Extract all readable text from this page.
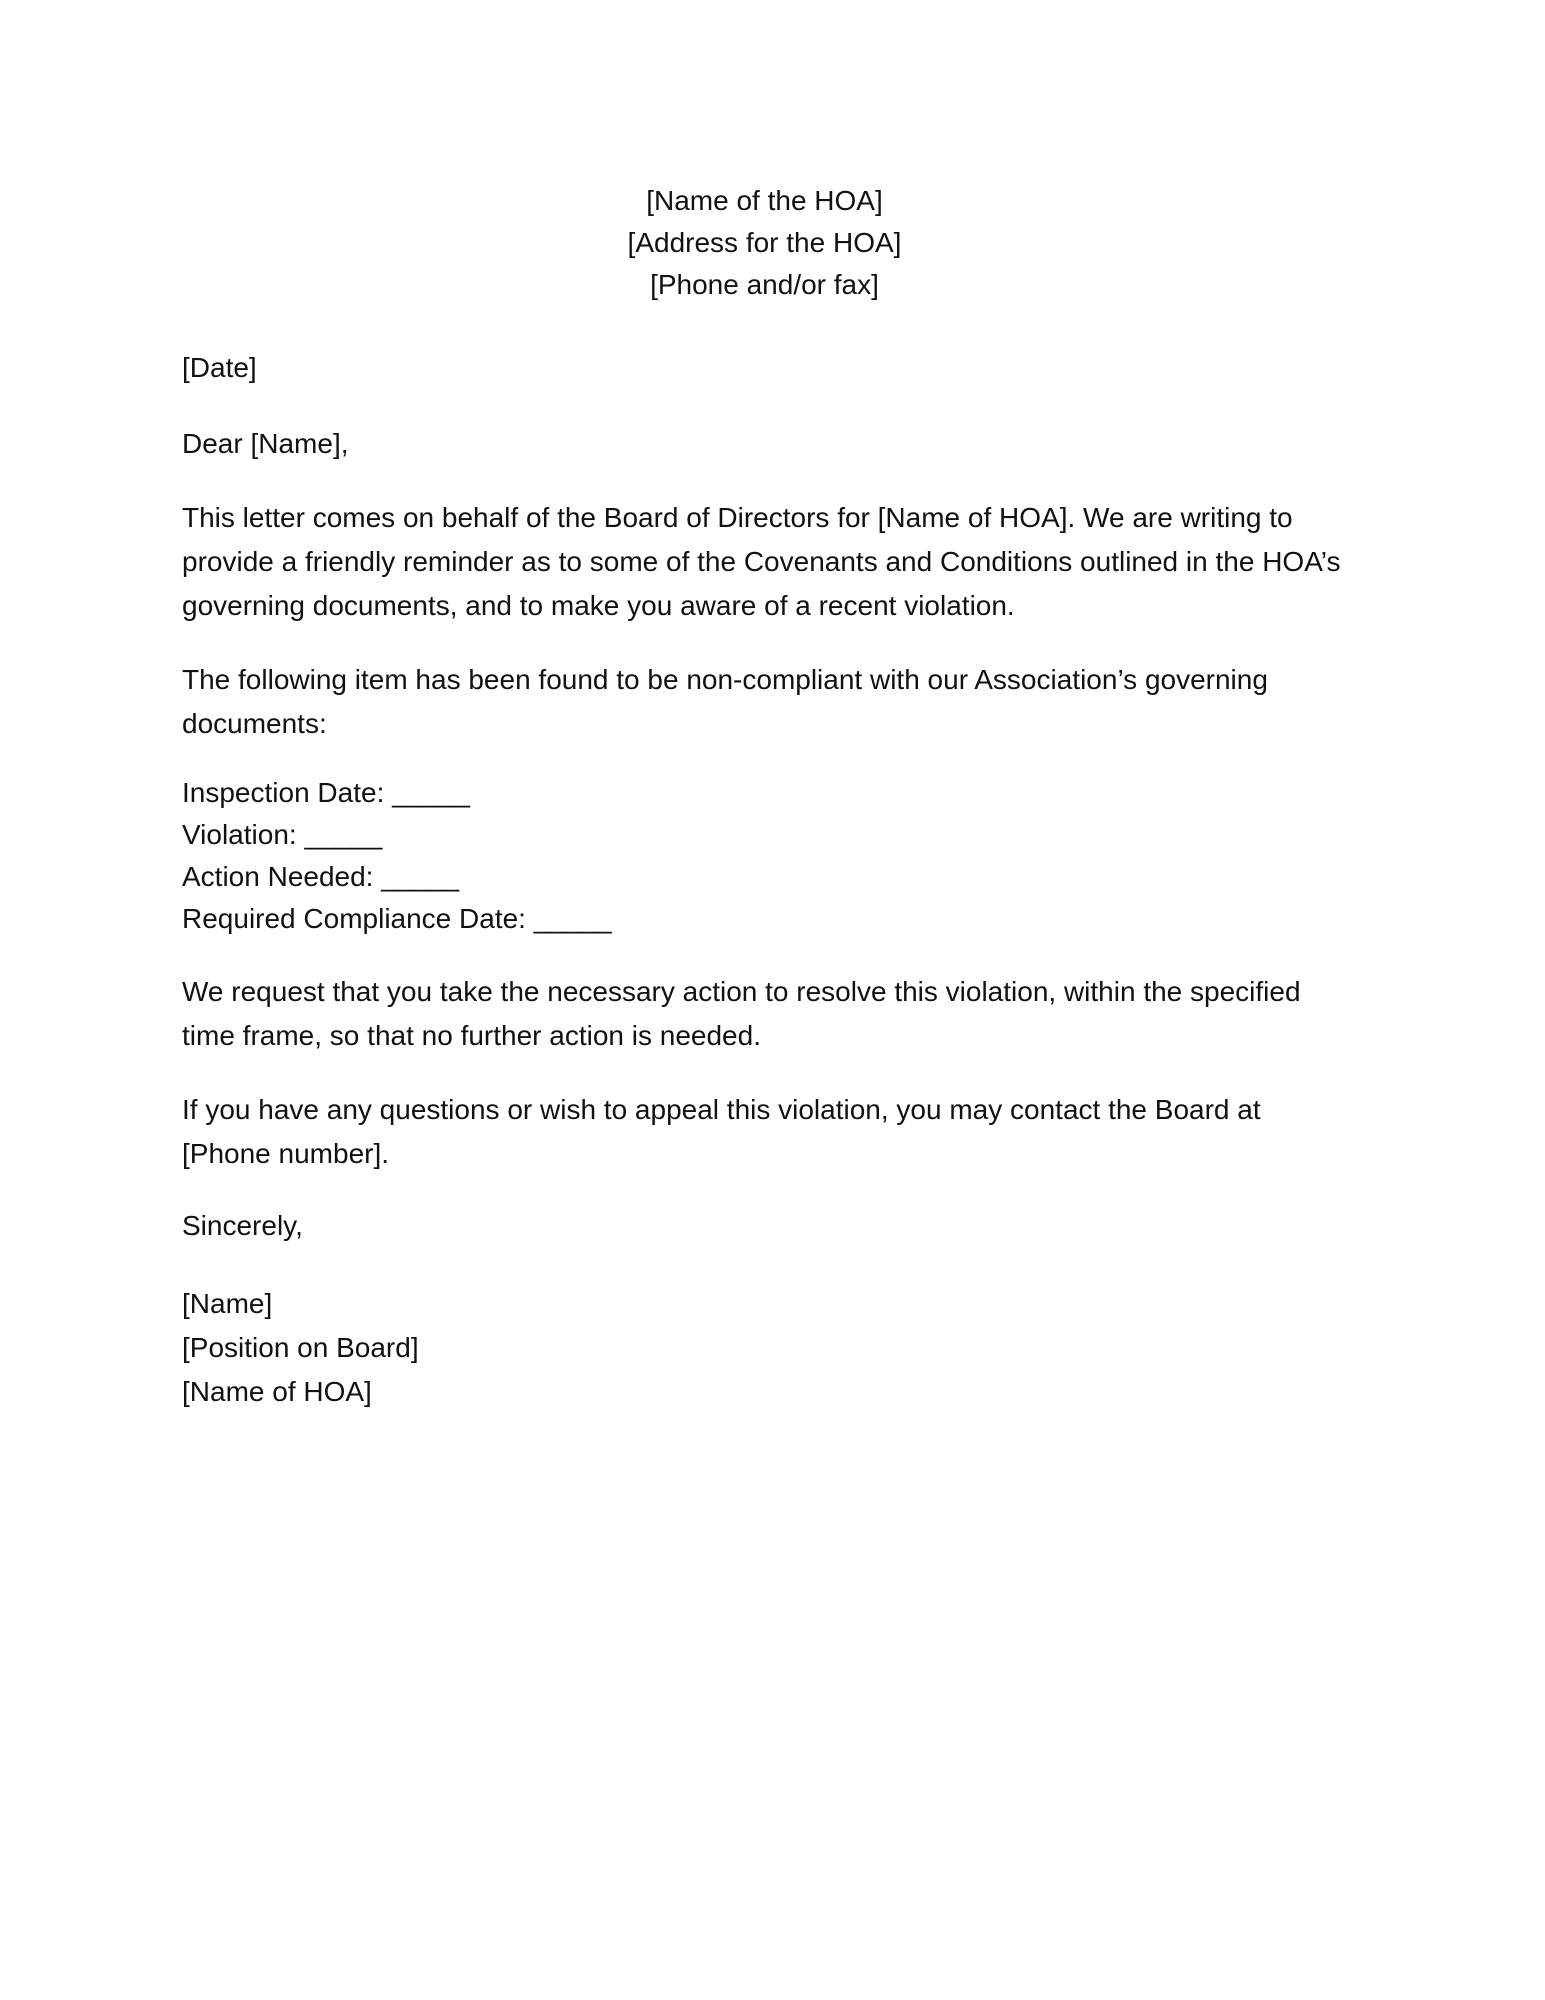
[Name of the HOA]
[Address for the HOA]
[Phone and/or fax]
[Date]
Dear [Name],
This letter comes on behalf of the Board of Directors for [Name of HOA]. We are writing to provide a friendly reminder as to some of the Covenants and Conditions outlined in the HOA’s governing documents, and to make you aware of a recent violation.
The following item has been found to be non-compliant with our Association’s governing documents:
Inspection Date: _____
Violation: _____
Action Needed: _____
Required Compliance Date: _____
We request that you take the necessary action to resolve this violation, within the specified time frame, so that no further action is needed.
If you have any questions or wish to appeal this violation, you may contact the Board at [Phone number].
Sincerely,
[Name]
[Position on Board]
[Name of HOA]
